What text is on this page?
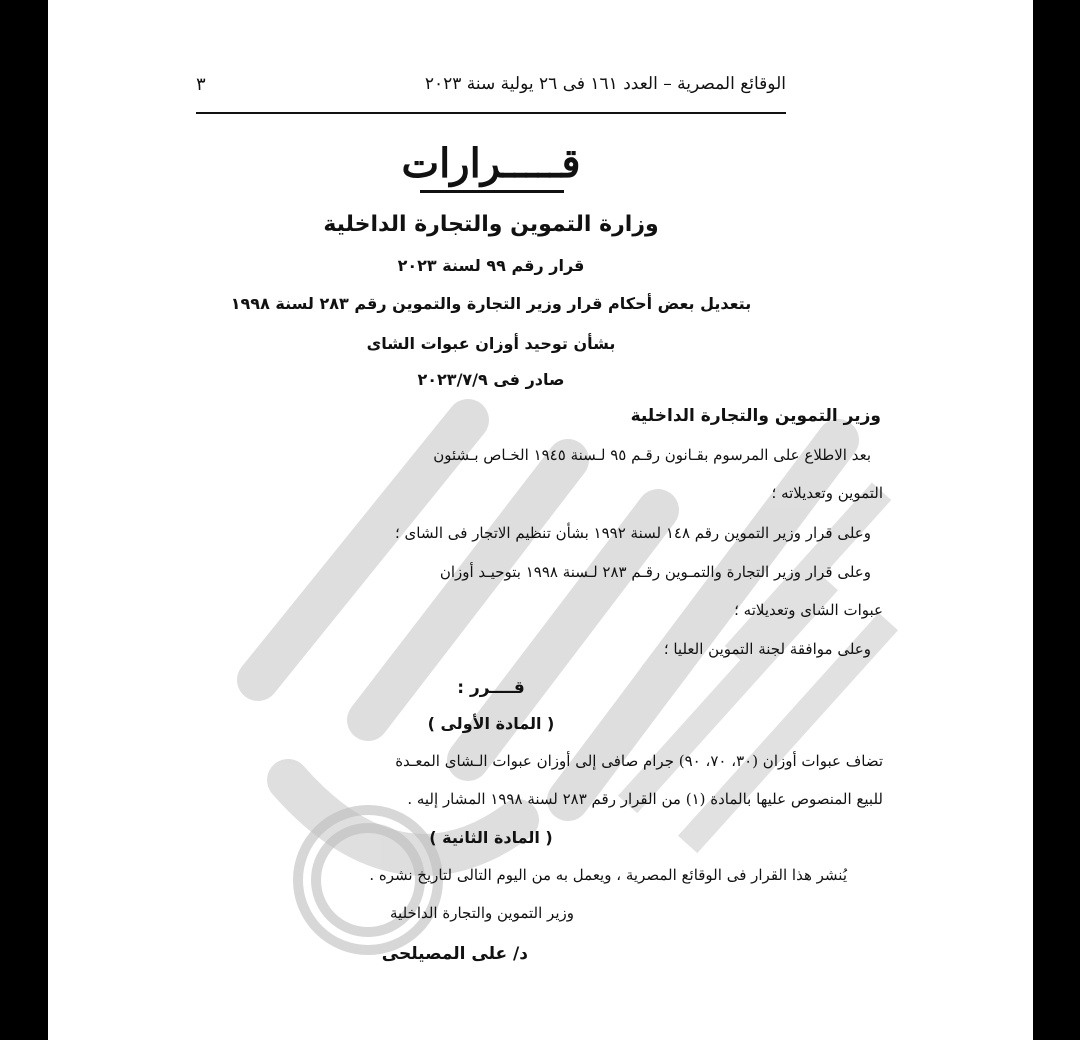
الوقائع المصرية – العدد ١٦١ فى ٢٦ يولية سنة ٢٠٢٣
٣
قـــــرارات
وزارة التموين والتجارة الداخلية
قرار رقم ٩٩ لسنة ٢٠٢٣
بتعديل بعض أحكام قرار وزير التجارة والتموين رقم ٢٨٣ لسنة ١٩٩٨
بشأن توحيد أوزان عبوات الشاى
صادر فى ٢٠٢٣/٧/٩
وزير التموين والتجارة الداخلية
بعد الاطلاع على المرسوم بقـانون رقـم ٩٥ لـسنة ١٩٤٥ الخـاص بـشئون
التموين وتعديلاته ؛
وعلى قرار وزير التموين رقم ١٤٨ لسنة ١٩٩٢ بشأن تنظيم الاتجار فى الشاى ؛
وعلى قرار وزير التجارة والتمـوين رقـم ٢٨٣ لـسنة ١٩٩٨ بتوحيـد أوزان
عبوات الشاى وتعديلاته ؛
وعلى موافقة لجنة التموين العليا ؛
قــــرر :
( المادة الأولى )
تضاف عبوات أوزان (٣٠، ٧٠، ٩٠) جرام صافى إلى أوزان عبوات الـشاى المعـدة
للبيع المنصوص عليها بالمادة (١) من القرار رقم ٢٨٣ لسنة ١٩٩٨ المشار إليه .
( المادة الثانية )
يُنشر هذا القرار فى الوقائع المصرية ، ويعمل به من اليوم التالى لتاريخ نشره .
وزير التموين والتجارة الداخلية
د/ على المصيلحى
